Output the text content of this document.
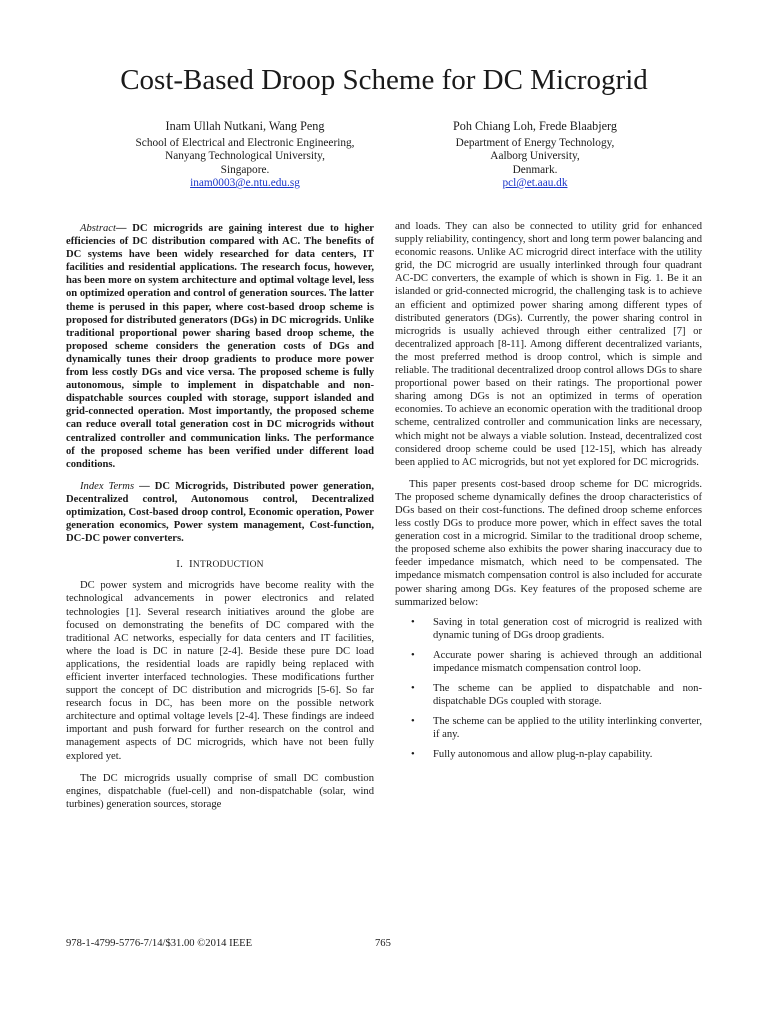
Cost-Based Droop Scheme for DC Microgrid
Inam Ullah Nutkani, Wang Peng
School of Electrical and Electronic Engineering,
Nanyang Technological University,
Singapore.
inam0003@e.ntu.edu.sg
Poh Chiang Loh, Frede Blaabjerg
Department of Energy Technology,
Aalborg University,
Denmark.
pcl@et.aau.dk

Abstract— DC microgrids are gaining interest due to higher efficiencies of DC distribution compared with AC. The benefits of DC systems have been widely researched for data centers, IT facilities and residential applications. The research focus, however, has been more on system architecture and optimal voltage level, less on optimized operation and control of generation sources. The latter theme is perused in this paper, where cost-based droop scheme is proposed for distributed generators (DGs) in DC microgrids. Unlike traditional proportional power sharing based droop scheme, the proposed scheme considers the generation costs of DGs and dynamically tunes their droop gradients to produce more power from less costly DGs and vice versa. The proposed scheme is fully autonomous, simple to implement in dispatchable and non-dispatchable sources coupled with storage, support islanded and grid-connected operation. Most importantly, the proposed scheme can reduce overall total generation cost in DC microgrids without centralized controller and communication links. The performance of the proposed scheme has been verified under different load conditions.

Index Terms — DC Microgrids, Distributed power generation, Decentralized control, Autonomous control, Decentralized optimization, Cost-based droop control, Economic operation, Power generation economics, Power system management, Cost-function, DC-DC power converters.

I. INTRODUCTION

DC power system and microgrids have become reality with the technological advancements in power electronics and related technologies [1]. Several research initiatives around the globe are focused on demonstrating the benefits of DC compared with the traditional AC networks, especially for data centers and IT facilities, where the load is DC in nature [2-4]. Beside these pure DC load applications, the residential loads are rapidly being replaced with efficient inverter interfaced technologies. These modifications further support the concept of DC distribution and microgrids [5-6]. So far research focus in DC, has been more on the possible network architecture and optimal voltage levels [2-4]. These findings are indeed important and push forward for further research on the control and management aspects of DC microgrids, which have not been fully explored yet.

The DC microgrids usually comprise of small DC combustion engines, dispatchable (fuel-cell) and non-dispatchable (solar, wind turbines) generation sources, storage

and loads. They can also be connected to utility grid for enhanced supply reliability, contingency, short and long term power balancing and economic reasons. Unlike AC microgrid direct interface with the utility grid, the DC microgrid are usually interlinked through four quadrant AC-DC converters, the example of which is shown in Fig. 1. Be it an islanded or grid-connected microgrid, the challenging task is to achieve an efficient and optimized power sharing among different types of distributed generators (DGs). Currently, the power sharing control in microgrids is usually achieved through either centralized [7] or decentralized approach [8-11]. Among different decentralized variants, the most preferred method is droop control, which is simple and reliable. The traditional decentralized droop control allows DGs to share proportional power based on their ratings. The proportional power sharing among DGs is not an optimized in terms of operation economies. To achieve an economic operation with the traditional droop scheme, centralized controller and communication links are necessary, which might not be always a viable solution. Instead, decentralized cost considered droop scheme could be used [12-15], which has already been applied to AC microgrids, but not yet explored for DC microgrids.

This paper presents cost-based droop scheme for DC microgrids. The proposed scheme dynamically defines the droop characteristics of DGs based on their cost-functions. The defined droop scheme enforces less costly DGs to produce more power, which in effect saves the total generation cost in a microgrid. Similar to the traditional droop scheme, the proposed scheme also exhibits the power sharing inaccuracy due to feeder impedance mismatch, which need to be compensated. The impedance mismatch compensation control is also included for accurate power sharing among DGs. Key features of the proposed scheme are summarized below:

• Saving in total generation cost of microgrid is realized with dynamic tuning of DGs droop gradients.
• Accurate power sharing is achieved through an additional impedance mismatch compensation control loop.
• The scheme can be applied to dispatchable and non-dispatchable DGs coupled with storage.
• The scheme can be applied to the utility interlinking converter, if any.
• Fully autonomous and allow plug-n-play capability.
978-1-4799-5776-7/14/$31.00 ©2014 IEEE	765
